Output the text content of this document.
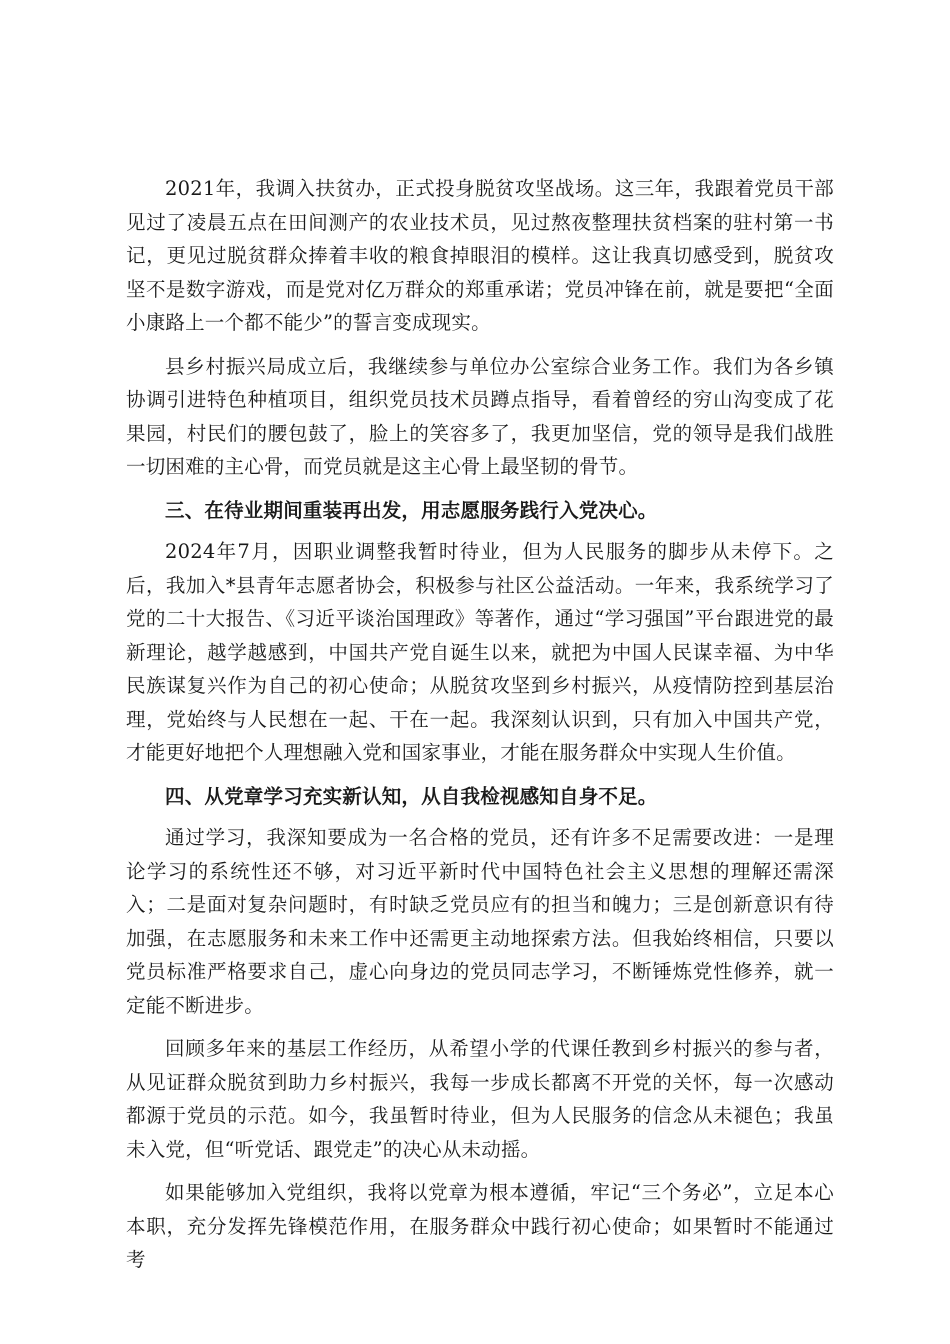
2021年，我调入扶贫办，正式投身脱贫攻坚战场。这三年，我跟着党员干部见过了凌晨五点在田间测产的农业技术员，见过熬夜整理扶贫档案的驻村第一书记，更见过脱贫群众捧着丰收的粮食掉眼泪的模样。这让我真切感受到，脱贫攻坚不是数字游戏，而是党对亿万群众的郑重承诺；党员冲锋在前，就是要把“全面小康路上一个都不能少”的誓言变成现实。

县乡村振兴局成立后，我继续参与单位办公室综合业务工作。我们为各乡镇协调引进特色种植项目，组织党员技术员蹲点指导，看着曾经的穷山沟变成了花果园，村民们的腰包鼓了，脸上的笑容多了，我更加坚信，党的领导是我们战胜一切困难的主心骨，而党员就是这主心骨上最坚韧的骨节。

三、在待业期间重装再出发，用志愿服务践行入党决心。

2024年7月，因职业调整我暂时待业，但为人民服务的脚步从未停下。之后，我加入*县青年志愿者协会，积极参与社区公益活动。一年来，我系统学习了党的二十大报告、《习近平谈治国理政》等著作，通过“学习强国”平台跟进党的最新理论，越学越感到，中国共产党自诞生以来，就把为中国人民谋幸福、为中华民族谋复兴作为自己的初心使命；从脱贫攻坚到乡村振兴，从疫情防控到基层治理，党始终与人民想在一起、干在一起。我深刻认识到，只有加入中国共产党，才能更好地把个人理想融入党和国家事业，才能在服务群众中实现人生价值。

四、从党章学习充实新认知，从自我检视感知自身不足。

通过学习，我深知要成为一名合格的党员，还有许多不足需要改进：一是理论学习的系统性还不够，对习近平新时代中国特色社会主义思想的理解还需深入；二是面对复杂问题时，有时缺乏党员应有的担当和魄力；三是创新意识有待加强，在志愿服务和未来工作中还需更主动地探索方法。但我始终相信，只要以党员标准严格要求自己，虚心向身边的党员同志学习，不断锤炼党性修养，就一定能不断进步。

回顾多年来的基层工作经历，从希望小学的代课任教到乡村振兴的参与者，从见证群众脱贫到助力乡村振兴，我每一步成长都离不开党的关怀，每一次感动都源于党员的示范。如今，我虽暂时待业，但为人民服务的信念从未褪色；我虽未入党，但“听党话、跟党走”的决心从未动摇。

如果能够加入党组织，我将以党章为根本遵循，牢记“三个务必”，立足本心本职，充分发挥先锋模范作用，在服务群众中践行初心使命；如果暂时不能通过考
